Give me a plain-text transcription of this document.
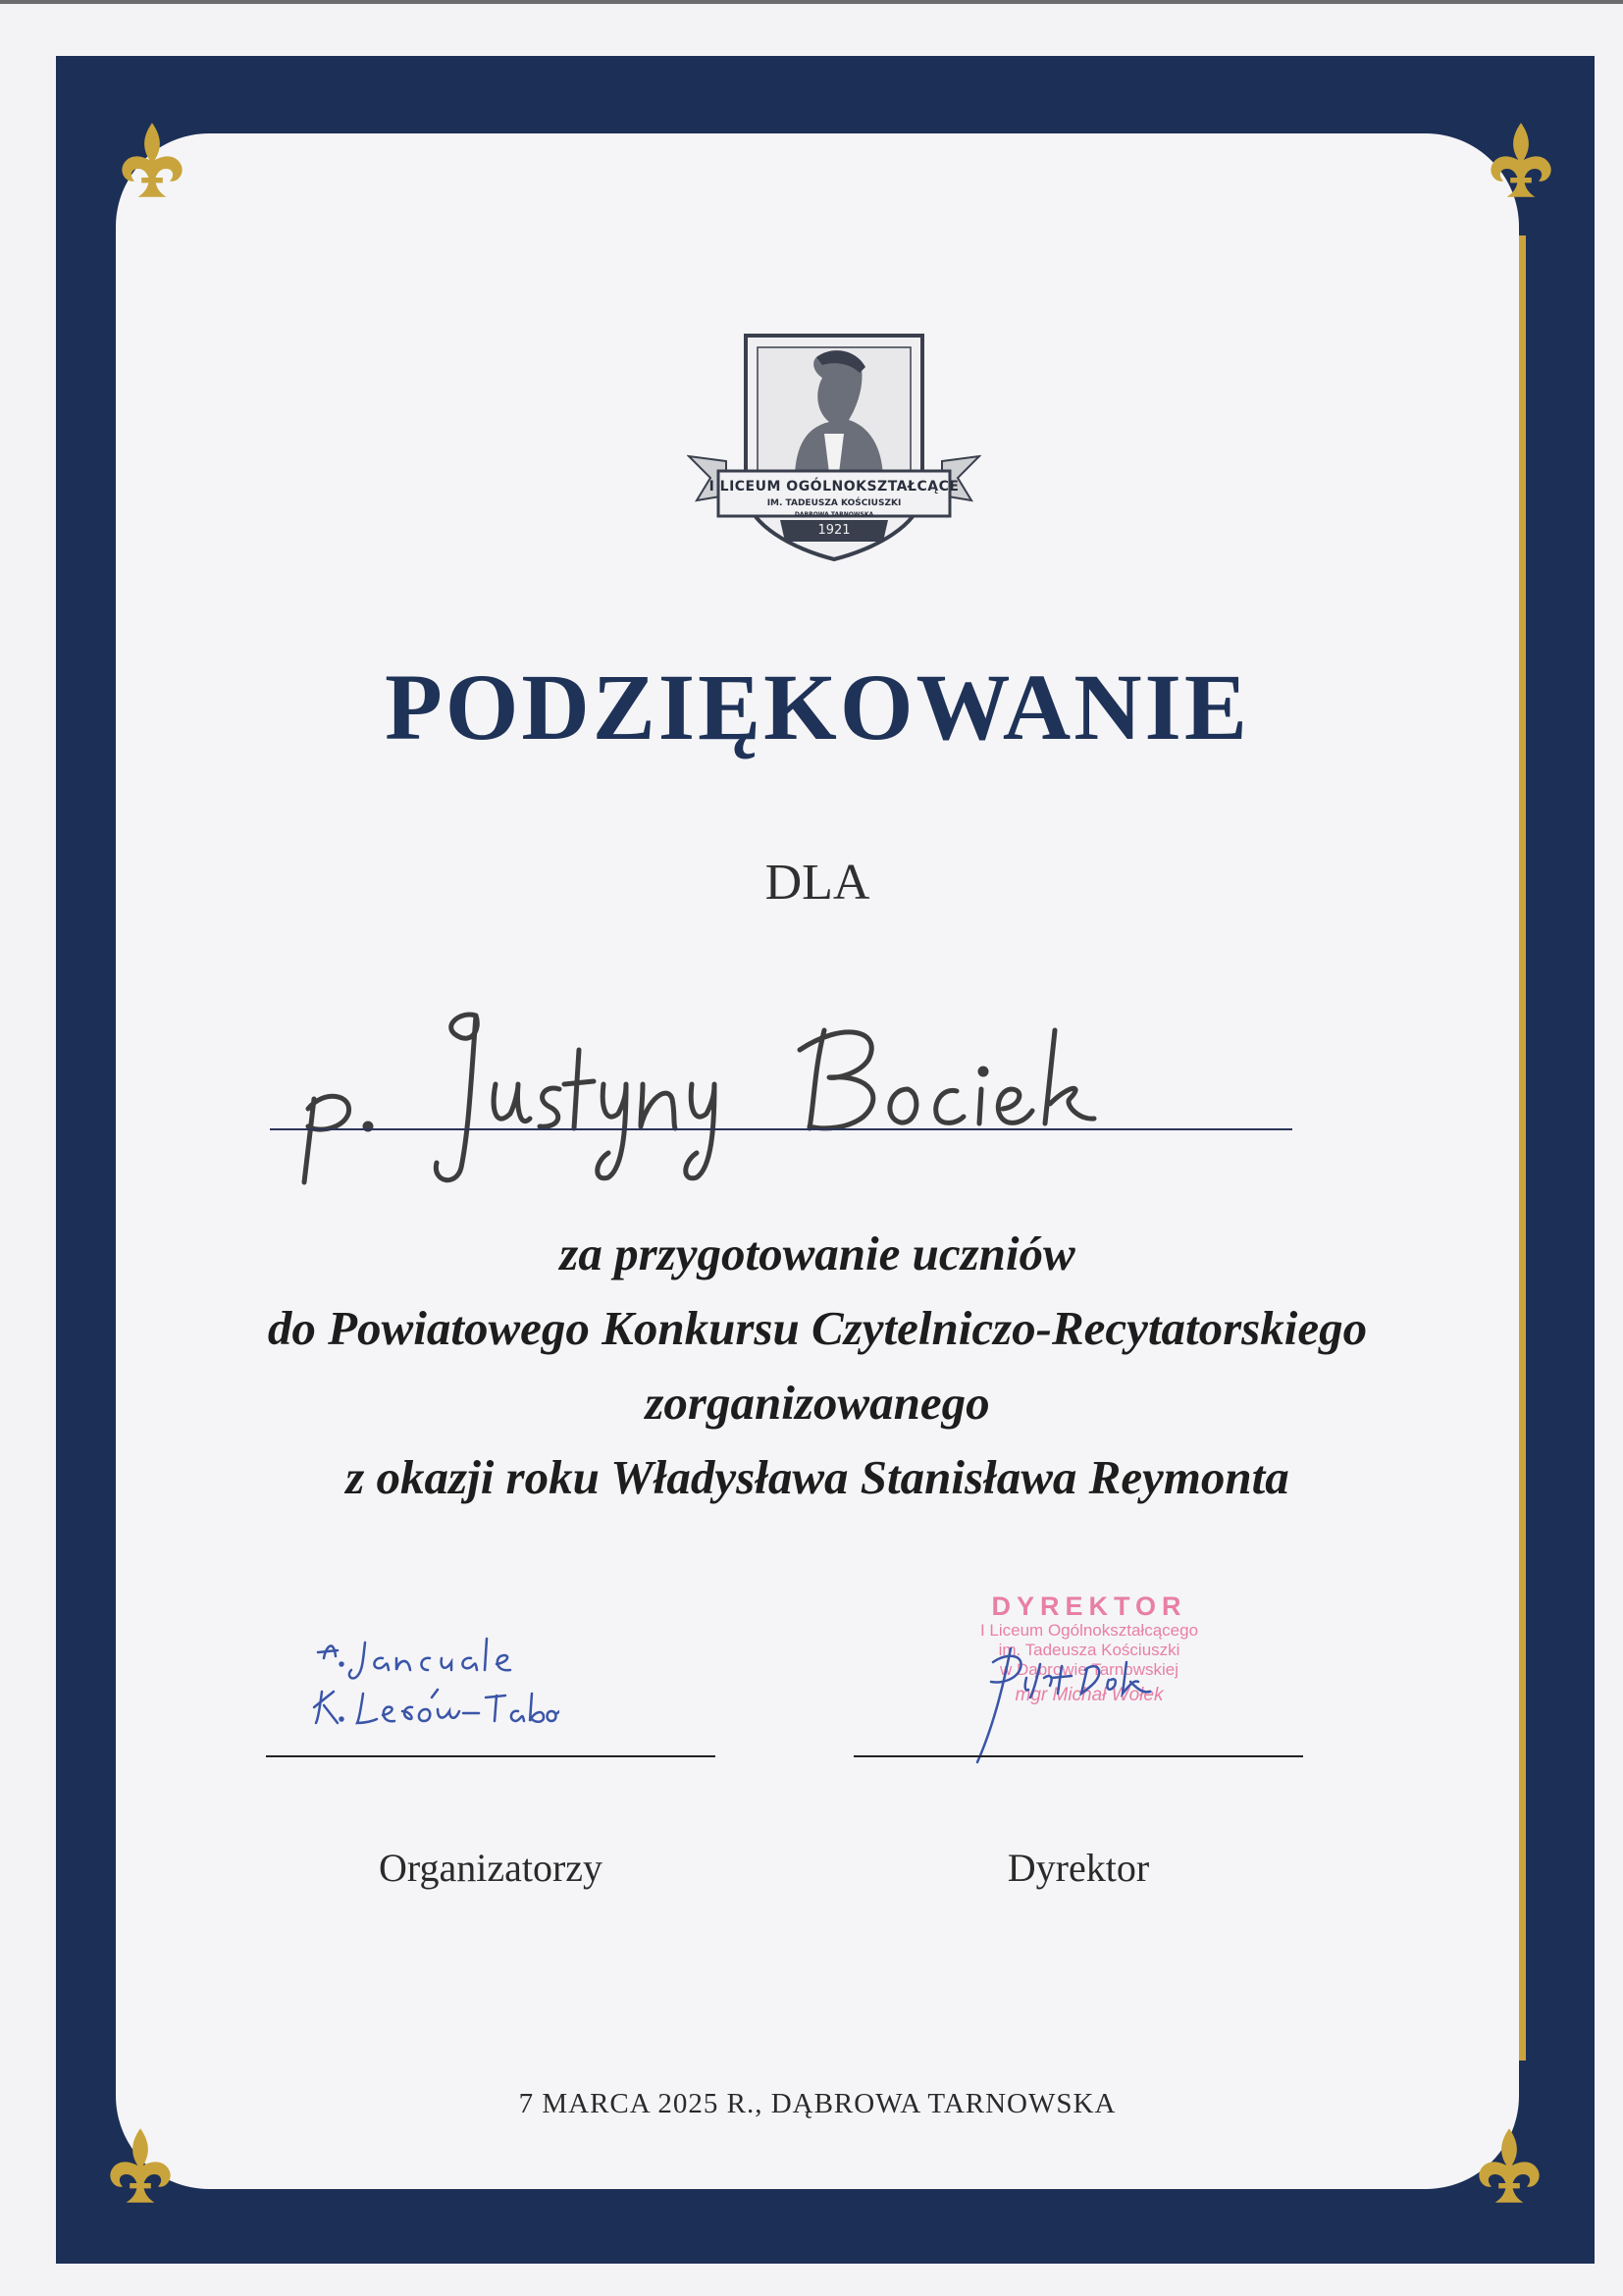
I LICEUM OGÓLNOKSZTAŁCĄCE
IM. TADEUSZA KOŚCIUSZKI
DĄBROWA TARNOWSKA
1921
PODZIĘKOWANIE
DLA
za przygotowanie uczniów
do Powiatowego Konkursu Czytelniczo-Recytatorskiego
zorganizowanego
z okazji roku Władysława Stanisława Reymonta
DYREKTOR
I Liceum Ogólnokształcącego
im. Tadeusza Kościuszki
w Dąbrowie Tarnowskiej
mgr Michał Wołek
Organizatorzy	Dyrektor
7 MARCA 2025 R., DĄBROWA TARNOWSKA
